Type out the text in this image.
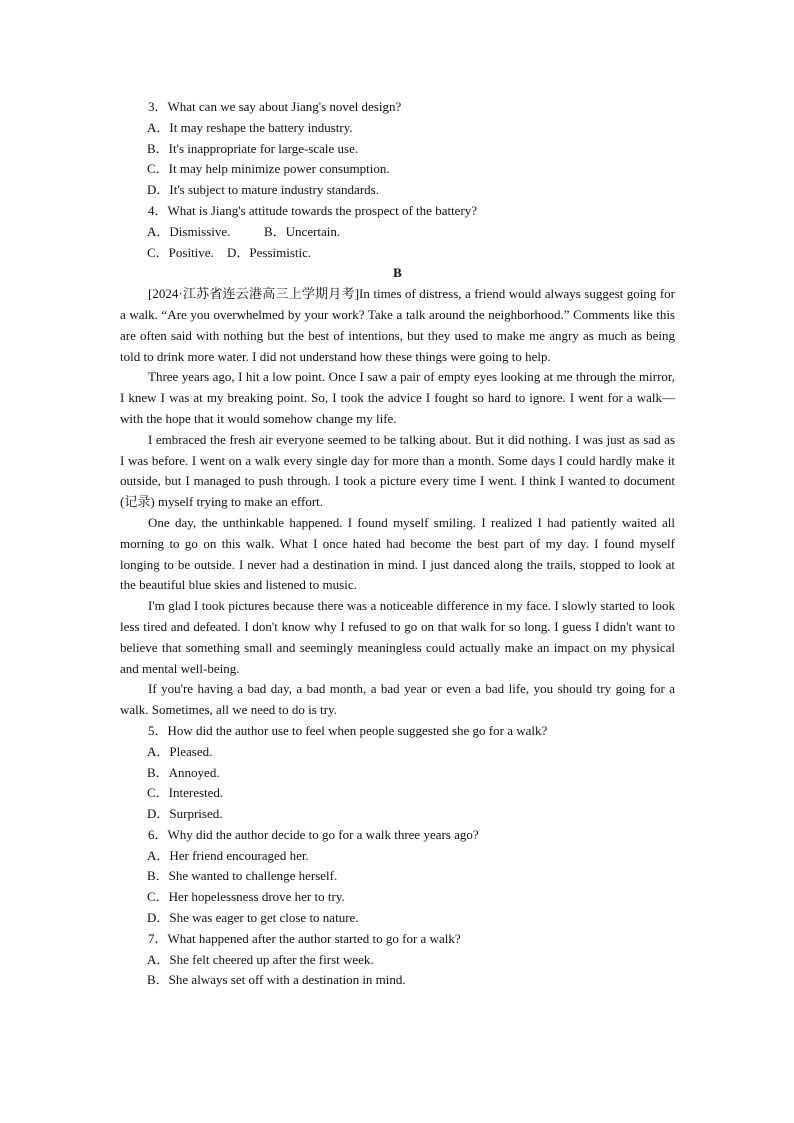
3．What can we say about Jiang's novel design?

A．It may reshape the battery industry.

B．It's inappropriate for large-scale use.

C．It may help minimize power consumption.

D．It's subject to mature industry standards.

4．What is Jiang's attitude towards the prospect of the battery?

A．Dismissive.	B．Uncertain.
C．Positive.	D．Pessimistic.

B

[2024·江苏省连云港高三上学期月考]In times of distress, a friend would always suggest going for a walk. “Are you overwhelmed by your work? Take a talk around the neighborhood.” Comments like this are often said with nothing but the best of intentions, but they used to make me angry as much as being told to drink more water. I did not understand how these things were going to help.

Three years ago, I hit a low point. Once I saw a pair of empty eyes looking at me through the mirror, I knew I was at my breaking point. So, I took the advice I fought so hard to ignore. I went for a walk—with the hope that it would somehow change my life.

I embraced the fresh air everyone seemed to be talking about. But it did nothing. I was just as sad as I was before. I went on a walk every single day for more than a month. Some days I could hardly make it outside, but I managed to push through. I took a picture every time I went. I think I wanted to document (记录) myself trying to make an effort.

One day, the unthinkable happened. I found myself smiling. I realized I had patiently waited all morning to go on this walk. What I once hated had become the best part of my day. I found myself longing to be outside. I never had a destination in mind. I just danced along the trails, stopped to look at the beautiful blue skies and listened to music.

I'm glad I took pictures because there was a noticeable difference in my face. I slowly started to look less tired and defeated. I don't know why I refused to go on that walk for so long. I guess I didn't want to believe that something small and seemingly meaningless could actually make an impact on my physical and mental well-being.

If you're having a bad day, a bad month, a bad year or even a bad life, you should try going for a walk. Sometimes, all we need to do is try.

5．How did the author use to feel when people suggested she go for a walk?

A．Pleased.

B．Annoyed.

C．Interested.

D．Surprised.

6．Why did the author decide to go for a walk three years ago?

A．Her friend encouraged her.

B．She wanted to challenge herself.

C．Her hopelessness drove her to try.

D．She was eager to get close to nature.

7．What happened after the author started to go for a walk?

A．She felt cheered up after the first week.

B．She always set off with a destination in mind.
